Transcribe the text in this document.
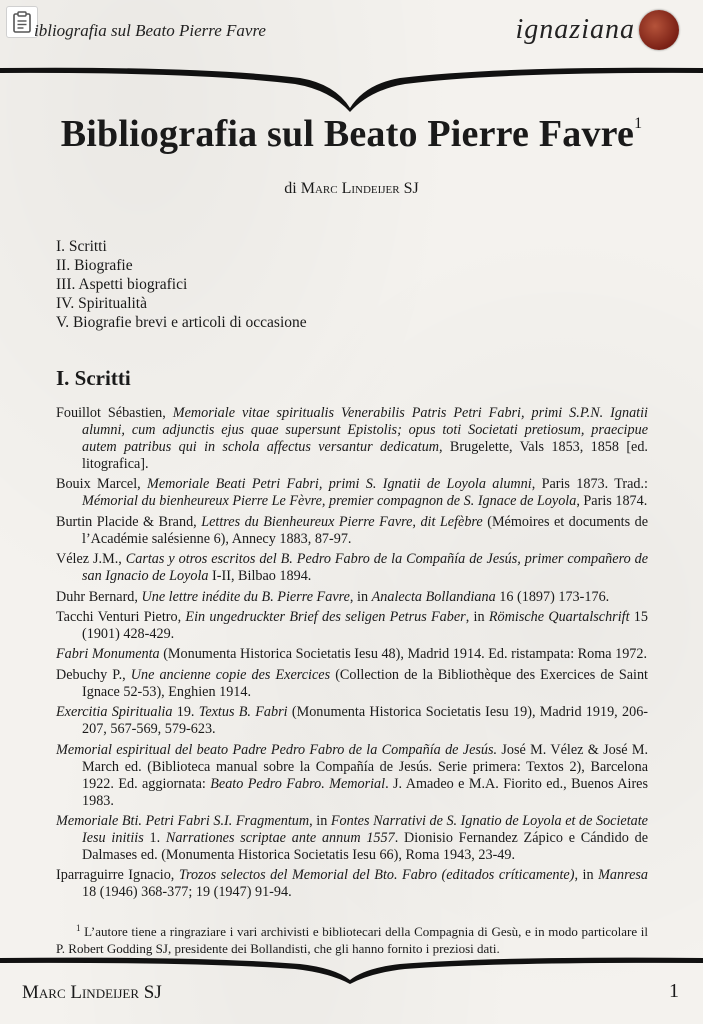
ibliografia sul Beato Pierre Favre	ignaziana
Bibliografia sul Beato Pierre Favre$^1$
di Marc Lindeijer SJ
I. Scritti
II. Biografie
III. Aspetti biografici
IV. Spiritualità
V. Biografie brevi e articoli di occasione
I. Scritti
Fouillot Sébastien, Memoriale vitae spiritualis Venerabilis Patris Petri Fabri, primi S.P.N. Ignatii alumni, cum adjunctis ejus quae supersunt Epistolis; opus toti Societati pretiosum, praecipue autem patribus qui in schola affectus versantur dedicatum, Brugelette, Vals 1853, 1858 [ed. litografica].
Bouix Marcel, Memoriale Beati Petri Fabri, primi S. Ignatii de Loyola alumni, Paris 1873. Trad.: Mémorial du bienheureux Pierre Le Fèvre, premier compagnon de S. Ignace de Loyola, Paris 1874.
Burtin Placide & Brand, Lettres du Bienheureux Pierre Favre, dit Lefèbre (Mémoires et documents de l’Académie salésienne 6), Annecy 1883, 87-97.
Vélez J.M., Cartas y otros escritos del B. Pedro Fabro de la Compañía de Jesús, primer compañero de san Ignacio de Loyola I-II, Bilbao 1894.
Duhr Bernard, Une lettre inédite du B. Pierre Favre, in Analecta Bollandiana 16 (1897) 173-176.
Tacchi Venturi Pietro, Ein ungedruckter Brief des seligen Petrus Faber, in Römische Quartalschrift 15 (1901) 428-429.
Fabri Monumenta (Monumenta Historica Societatis Iesu 48), Madrid 1914. Ed. ristampata: Roma 1972.
Debuchy P., Une ancienne copie des Exercices (Collection de la Bibliothèque des Exercices de Saint Ignace 52-53), Enghien 1914.
Exercitia Spiritualia 19. Textus B. Fabri (Monumenta Historica Societatis Iesu 19), Madrid 1919, 206-207, 567-569, 579-623.
Memorial espiritual del beato Padre Pedro Fabro de la Compañía de Jesús. José M. Vélez & José M. March ed. (Biblioteca manual sobre la Compañía de Jesús. Serie primera: Textos 2), Barcelona 1922. Ed. aggiornata: Beato Pedro Fabro. Memorial. J. Amadeo e M.A. Fiorito ed., Buenos Aires 1983.
Memoriale Bti. Petri Fabri S.I. Fragmentum, in Fontes Narrativi de S. Ignatio de Loyola et de Societate Iesu initiis 1. Narrationes scriptae ante annum 1557. Dionisio Fernandez Zápico e Cándido de Dalmases ed. (Monumenta Historica Societatis Iesu 66), Roma 1943, 23-49.
Iparraguirre Ignacio, Trozos selectos del Memorial del Bto. Fabro (editados críticamente), in Manresa 18 (1946) 368-377; 19 (1947) 91-94.
$^1$ L’autore tiene a ringraziare i vari archivisti e bibliotecari della Compagnia di Gesù, e in modo particolare il P. Robert Godding SJ, presidente dei Bollandisti, che gli hanno fornito i preziosi dati.
Marc Lindeijer SJ	1
